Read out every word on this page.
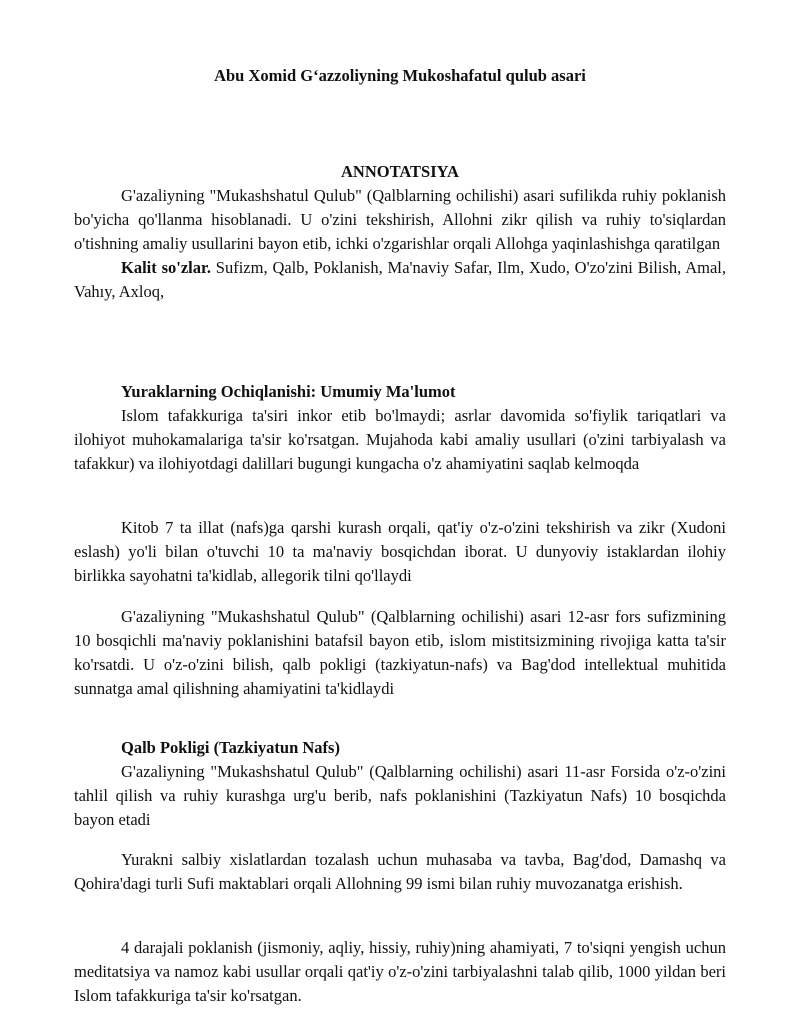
Abu Xomid G‘azzoliyning Mukoshafatul qulub asari
ANNOTATSIYA

G'azaliyning "Mukashshatul Qulub" (Qalblarning ochilishi) asari sufilikda ruhiy poklanish bo'yicha qo'llanma hisoblanadi. U o'zini tekshirish, Allohni zikr qilish va ruhiy to'siqlardan o'tishning amaliy usullarini bayon etib, ichki o'zgarishlar orqali Allohga yaqinlashishga qaratilgan

Kalit so'zlar. Sufizm, Qalb, Poklanish, Ma'naviy Safar, Ilm, Xudo, O'zo'zini Bilish, Amal, Vahıy, Axloq,

Yuraklarning Ochiqlanishi: Umumiy Ma'lumot

Islom tafakkuriga ta'siri inkor etib bo'lmaydi; asrlar davomida so'fiylik tariqatlari va ilohiyot muhokamalariga ta'sir ko'rsatgan. Mujahoda kabi amaliy usullari (o'zini tarbiyalash va tafakkur) va ilohiyotdagi dalillari bugungi kungacha o'z ahamiyatini saqlab kelmoqda

Kitob 7 ta illat (nafs)ga qarshi kurash orqali, qat'iy o'z-o'zini tekshirish va zikr (Xudoni eslash) yo'li bilan o'tuvchi 10 ta ma'naviy bosqichdan iborat. U dunyoviy istaklardan ilohiy birlikka sayohatni ta'kidlab, allegorik tilni qo'llaydi

G'azaliyning "Mukashshatul Qulub" (Qalblarning ochilishi) asari 12-asr fors sufizmining 10 bosqichli ma'naviy poklanishini batafsil bayon etib, islom mistitsizmining rivojiga katta ta'sir ko'rsatdi. U o'z-o'zini bilish, qalb pokligi (tazkiyatun-nafs) va Bag'dod intellektual muhitida sunnatga amal qilishning ahamiyatini ta'kidlaydi

Qalb Pokligi (Tazkiyatun Nafs)

G'azaliyning "Mukashshatul Qulub" (Qalblarning ochilishi) asari 11-asr Forsida o'z-o'zini tahlil qilish va ruhiy kurashga urg'u berib, nafs poklanishini (Tazkiyatun Nafs) 10 bosqichda bayon etadi

Yurakni salbiy xislatlardan tozalash uchun muhasaba va tavba, Bag'dod, Damashq va Qohira'dagi turli Sufi maktablari orqali Allohning 99 ismi bilan ruhiy muvozanatga erishish.

4 darajali poklanish (jismoniy, aqliy, hissiy, ruhiy)ning ahamiyati, 7 to'siqni yengish uchun meditatsiya va namoz kabi usullar orqali qat'iy o'z-o'zini tarbiyalashni talab qilib, 1000 yildan beri Islom tafakkuriga ta'sir ko'rsatgan.
